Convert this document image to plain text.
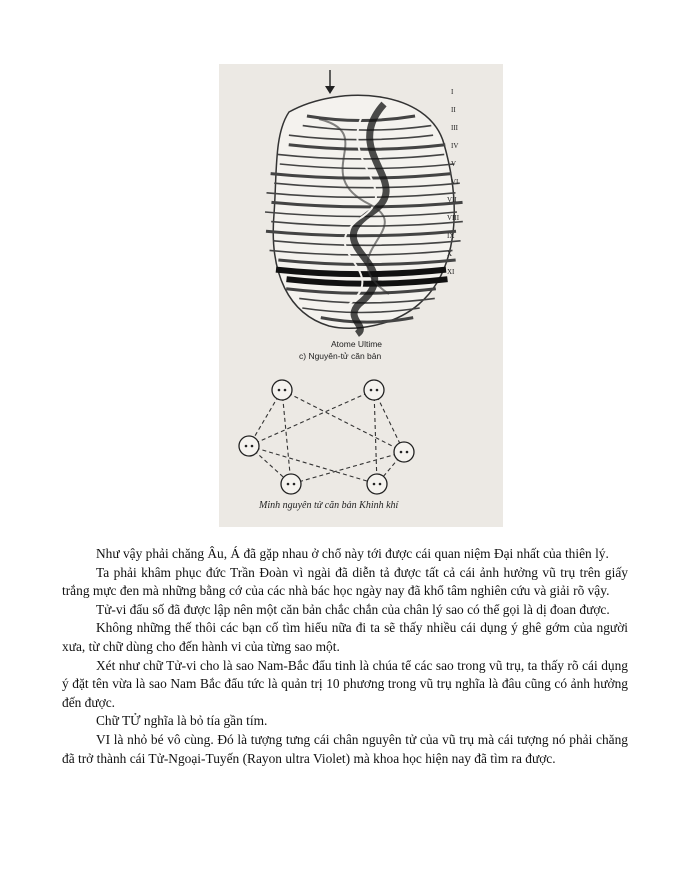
I
II
III
IV
V
VI
VII
VIII
IX
X
XI
Atome Ultime
c) Nguyên-tử căn bản
Minh nguyên tử căn bản Khinh khí

Như vậy phải chăng Âu, Á đã gặp nhau ở chổ này tới được cái quan niệm Đại nhất của thiên lý.

Ta phải khâm phục đức Trần Đoàn vì ngài đã diễn tả được tất cả cái ảnh hưởng vũ trụ trên giấy trắng mực đen mà những bằng cớ của các nhà bác học ngày nay đã khổ tâm nghiên cứu và giải rõ vậy.

Tử-vi đẩu số đã được lập nên một căn bản chắc chắn của chân lý sao có thể gọi là dị đoan được.

Không những thế thôi các bạn cố tìm hiểu nữa đi ta sẽ thấy nhiều cái dụng ý ghê gớm của người xưa, từ chữ dùng cho đến hành vi của từng sao một.

Xét như chữ Tử-vi cho là sao Nam-Bắc đẩu tinh là chúa tể các sao trong vũ trụ, ta thấy rõ cái dụng ý đặt tên vừa là sao Nam Bắc đẩu tức là quản trị 10 phương trong vũ trụ nghĩa là đâu cũng có ảnh hưởng đến được.

Chữ TỬ nghĩa là bỏ tía gần tím.

VI là nhỏ bé vô cùng. Đó là tượng tưng cái chân nguyên tử của vũ trụ mà cái tượng nó phải chăng đã trở thành cái Tử-Ngoại-Tuyến (Rayon ultra Violet) mà khoa học hiện nay đã tìm ra được.
